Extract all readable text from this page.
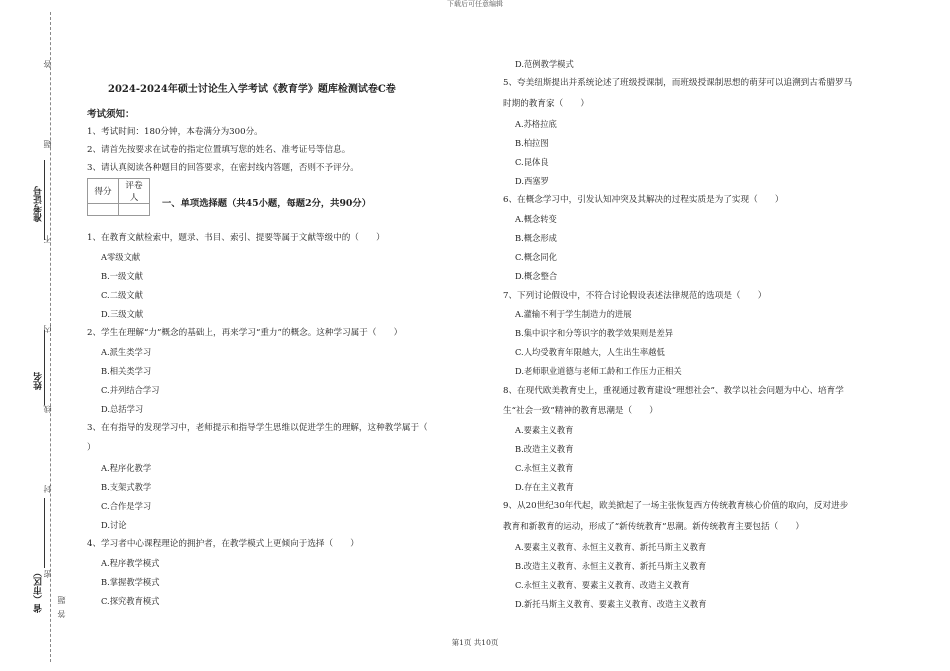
下载后可任意编辑
答
题
不
内
线
封
密
题
答
准考证号
姓名
省（市区）
2024-2024年硕士讨论生入学考试《教育学》题库检测试卷C卷
考试须知：
1、考试时间：180分钟，本卷满分为300分。
2、请首先按要求在试卷的指定位置填写您的姓名、准考证号等信息。
3、请认真阅读各种题目的回答要求，在密封线内答题，否则不予评分。
得分	评卷人
		一、单项选择题（共45小题，每题2分，共90分）
1、在教育文献检索中，题录、书目、索引、提要等属于文献等级中的（　　）
A零级文献
B.一级文献
C.二级文献
D.三级文献
2、学生在理解“力”概念的基础上，再来学习“重力”的概念。这种学习属于（　　）
A.派生类学习
B.相关类学习
C.并列结合学习
D.总括学习
3、在有指导的发现学习中，老师提示和指导学生思维以促进学生的理解，这种教学属于（
）
A.程序化教学
B.支架式教学
C.合作是学习
D.讨论
4、学习者中心课程理论的拥护者，在教学模式上更倾向于选择（　　）
A.程序教学模式
B.掌握教学模式
C.探究教育模式
D.范例教学模式
5、夸美纽斯提出并系统论述了班级授课制，而班级授课制思想的萌芽可以追溯到古希腊罗马
时期的教育家（　　）
A.苏格拉底
B.柏拉图
C.昆体良
D.西塞罗
6、在概念学习中，引发认知冲突及其解决的过程实质是为了实现（　　）
A.概念转变
B.概念形成
C.概念同化
D.概念整合
7、下列讨论假设中，不符合讨论假设表述法律规范的选项是（　　）
A.灌输不利于学生制造力的进展
B.集中识字和分等识字的教学效果则是差异
C.人均受教育年限越大，人生出生率越低
D.老师职业道德与老师工龄和工作压力正相关
8、在现代欧美教育史上，重视通过教育建设“理想社会”、教学以社会问题为中心、培育学
生“社会一致”精神的教育思潮是（　　）
A.要素主义教育
B.改造主义教育
C.永恒主义教育
D.存在主义教育
9、从20世纪30年代起，欧美掀起了一场主张恢复西方传统教育核心价值的取向，反对进步
教育和新教育的运动，形成了“新传统教育”思潮。新传统教育主要包括（　　）
A.要素主义教育、永恒主义教育、新托马斯主义教育
B.改造主义教育、永恒主义教育、新托马斯主义教育
C.永恒主义教育、要素主义教育、改造主义教育
D.新托马斯主义教育、要素主义教育、改造主义教育
第1页 共10页
